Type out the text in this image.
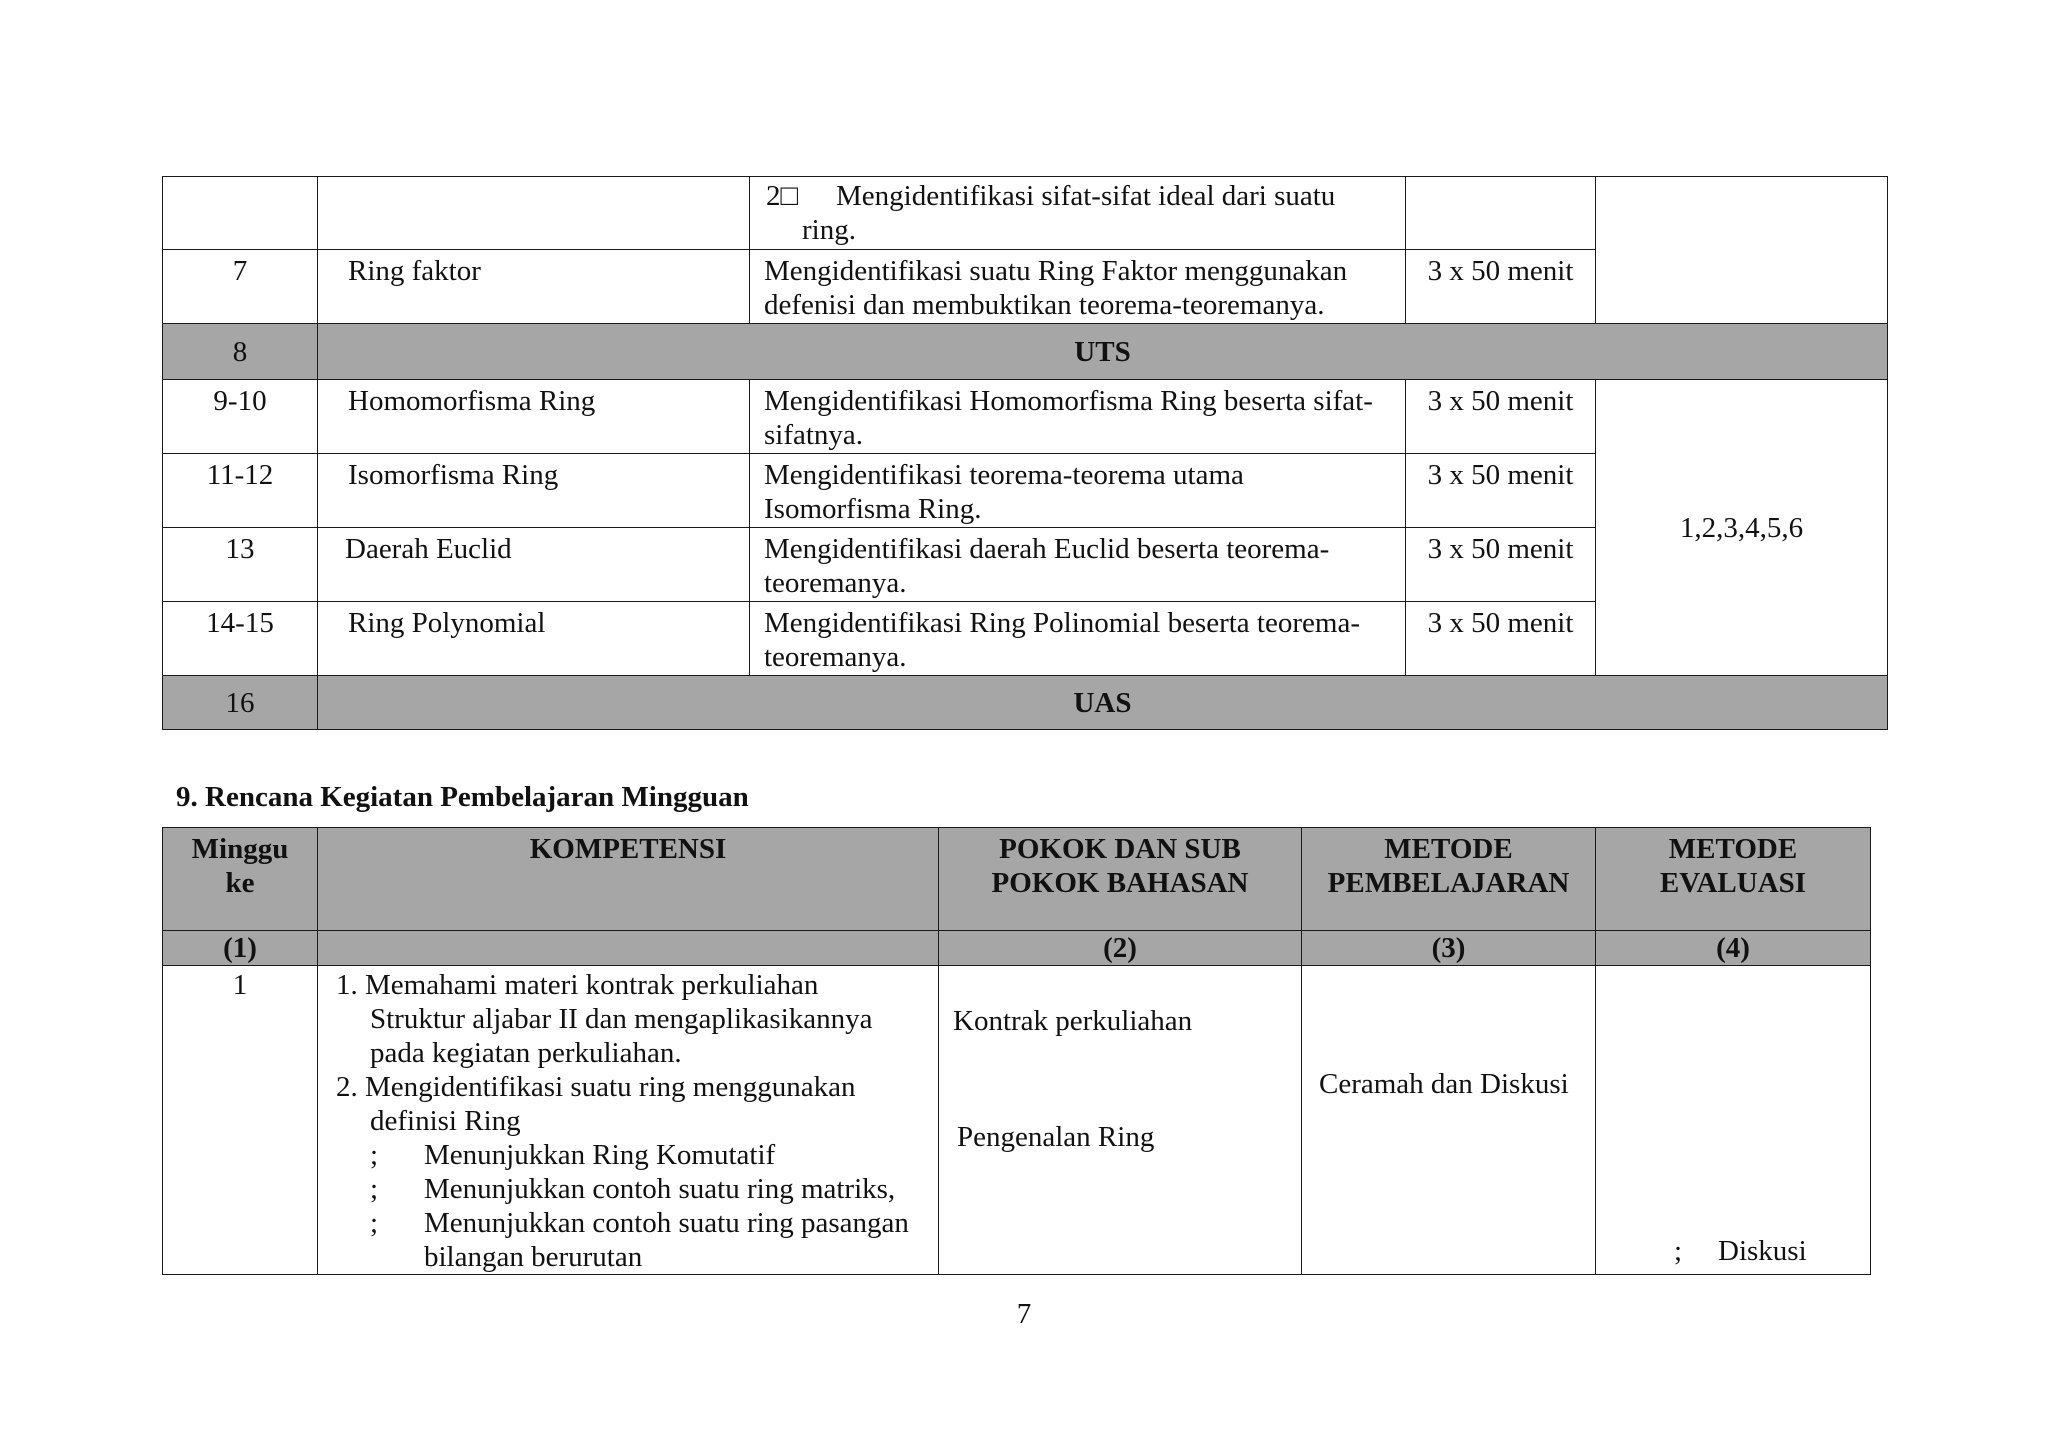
		2□ Mengidentifikasi sifat-sifat ideal dari suatu
ring.		
7	Ring faktor	Mengidentifikasi suatu Ring Faktor menggunakan defenisi dan membuktikan teorema-teoremanya.	3 x 50 menit	
8	UTS			
9-10	Homomorfisma Ring	Mengidentifikasi Homomorfisma Ring beserta sifat-sifatnya.	3 x 50 menit	1,2,3,4,5,6
11-12	Isomorfisma Ring	Mengidentifikasi teorema-teorema utama Isomorfisma Ring.	3 x 50 menit	
13	Daerah Euclid	Mengidentifikasi daerah Euclid beserta teorema-teoremanya.	3 x 50 menit	
14-15	Ring Polynomial	Mengidentifikasi Ring Polinomial beserta teorema-teoremanya.	3 x 50 menit	
16	UAS			
9. Rencana Kegiatan Pembelajaran Mingguan
Minggu ke	KOMPETENSI	POKOK DAN SUB POKOK BAHASAN	METODE PEMBELAJARAN	METODE EVALUASI
(1)		(2)	(3)	(4)
1	1. Memahami materi kontrak perkuliahan Struktur aljabar II dan mengaplikasikannya pada kegiatan perkuliahan.
2. Mengidentifikasi suatu ring menggunakan definisi Ring
; Menunjukkan Ring Komutatif
; Menunjukkan contoh suatu ring matriks,
; Menunjukkan contoh suatu ring pasangan bilangan berurutan	Kontrak perkuliahan
Pengenalan Ring	Ceramah dan Diskusi	; Diskusi
7
